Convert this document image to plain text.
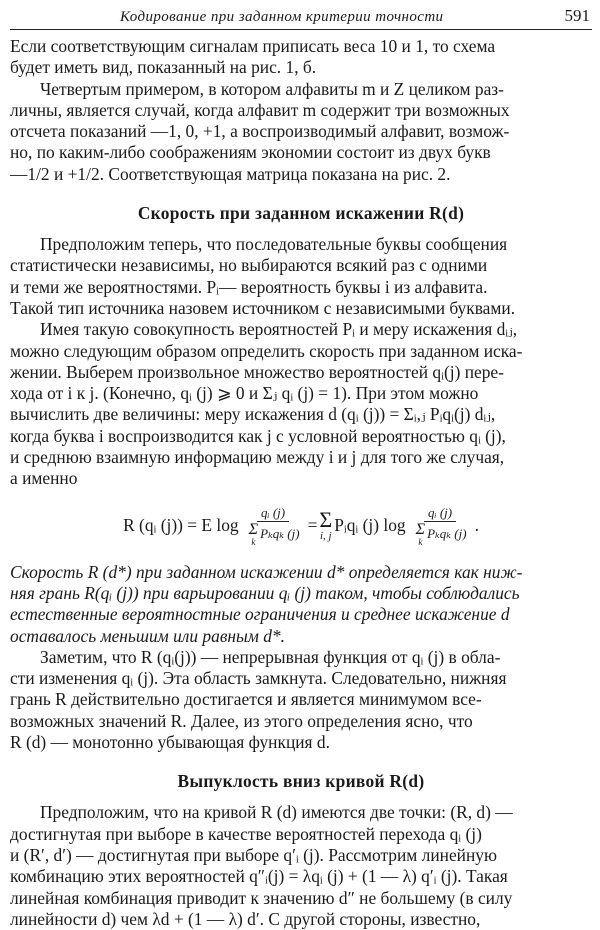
Кодирование при заданном критерии точности	591
Если соответствующим сигналам приписать веса 10 и 1, то схема
будет иметь вид, показанный на рис. 1, б.
Четвертым примером, в котором алфавиты m и Z целиком раз-
личны, является случай, когда алфавит m содержит три возможных
отсчета показаний —1, 0, +1, а воспроизводимый алфавит, возмож-
но, по каким-либо соображениям экономии состоит из двух букв
—1/2 и +1/2. Соответствующая матрица показана на рис. 2.
Скорость при заданном искажении R(d)
Предположим теперь, что последовательные буквы сообщения
статистически независимы, но выбираются всякий раз с одними
и теми же вероятностями. Pᵢ— вероятность буквы i из алфавита.
Такой тип источника назовем источником с независимыми буквами.
Имея такую совокупность вероятностей Pᵢ и меру искажения dᵢⱼ,
можно следующим образом определить скорость при заданном иска-
жении. Выберем произвольное множество вероятностей qᵢ(j) пере-
хода от i к j. (Конечно, qᵢ (j) ⩾ 0 и Σⱼ qᵢ (j) = 1). При этом можно
вычислить две величины: меру искажения d (qᵢ (j)) = Σᵢ,ⱼ Pᵢqᵢ(j) dᵢⱼ,
когда буква i воспроизводится как j с условной вероятностью qᵢ (j),
и среднюю взаимную информацию между i и j для того же случая,
а именно
R (qᵢ (j)) = E log qᵢ (j)
Σ
k
Pₖqₖ (j) = Σ
i, j
Pᵢqᵢ (j) log qᵢ (j)
Σ
k
Pₖqₖ (j) .
Скорость R (d*) при заданном искажении d* определяется как ниж-
няя грань R(qᵢ (j)) при варьировании qᵢ (j) таком, чтобы соблюдались
естественные вероятностные ограничения и среднее искажение d
оставалось меньшим или равным d*.
Заметим, что R (qᵢ(j)) — непрерывная функция от qᵢ (j) в обла-
сти изменения qᵢ (j). Эта область замкнута. Следовательно, нижняя
грань R действительно достигается и является минимумом все-
возможных значений R. Далее, из этого определения ясно, что
R (d) — монотонно убывающая функция d.
Выпуклость вниз кривой R(d)
Предположим, что на кривой R (d) имеются две точки: (R, d) —
достигнутая при выборе в качестве вероятностей перехода qᵢ (j)
и (R′, d′) — достигнутая при выборе q′ᵢ (j). Рассмотрим линейную
комбинацию этих вероятностей q″ᵢ(j) = λqᵢ (j) + (1 — λ) q′ᵢ (j). Такая
линейная комбинация приводит к значению d″ не большему (в силу
линейности d) чем λd + (1 — λ) d′. С другой стороны, известно,
